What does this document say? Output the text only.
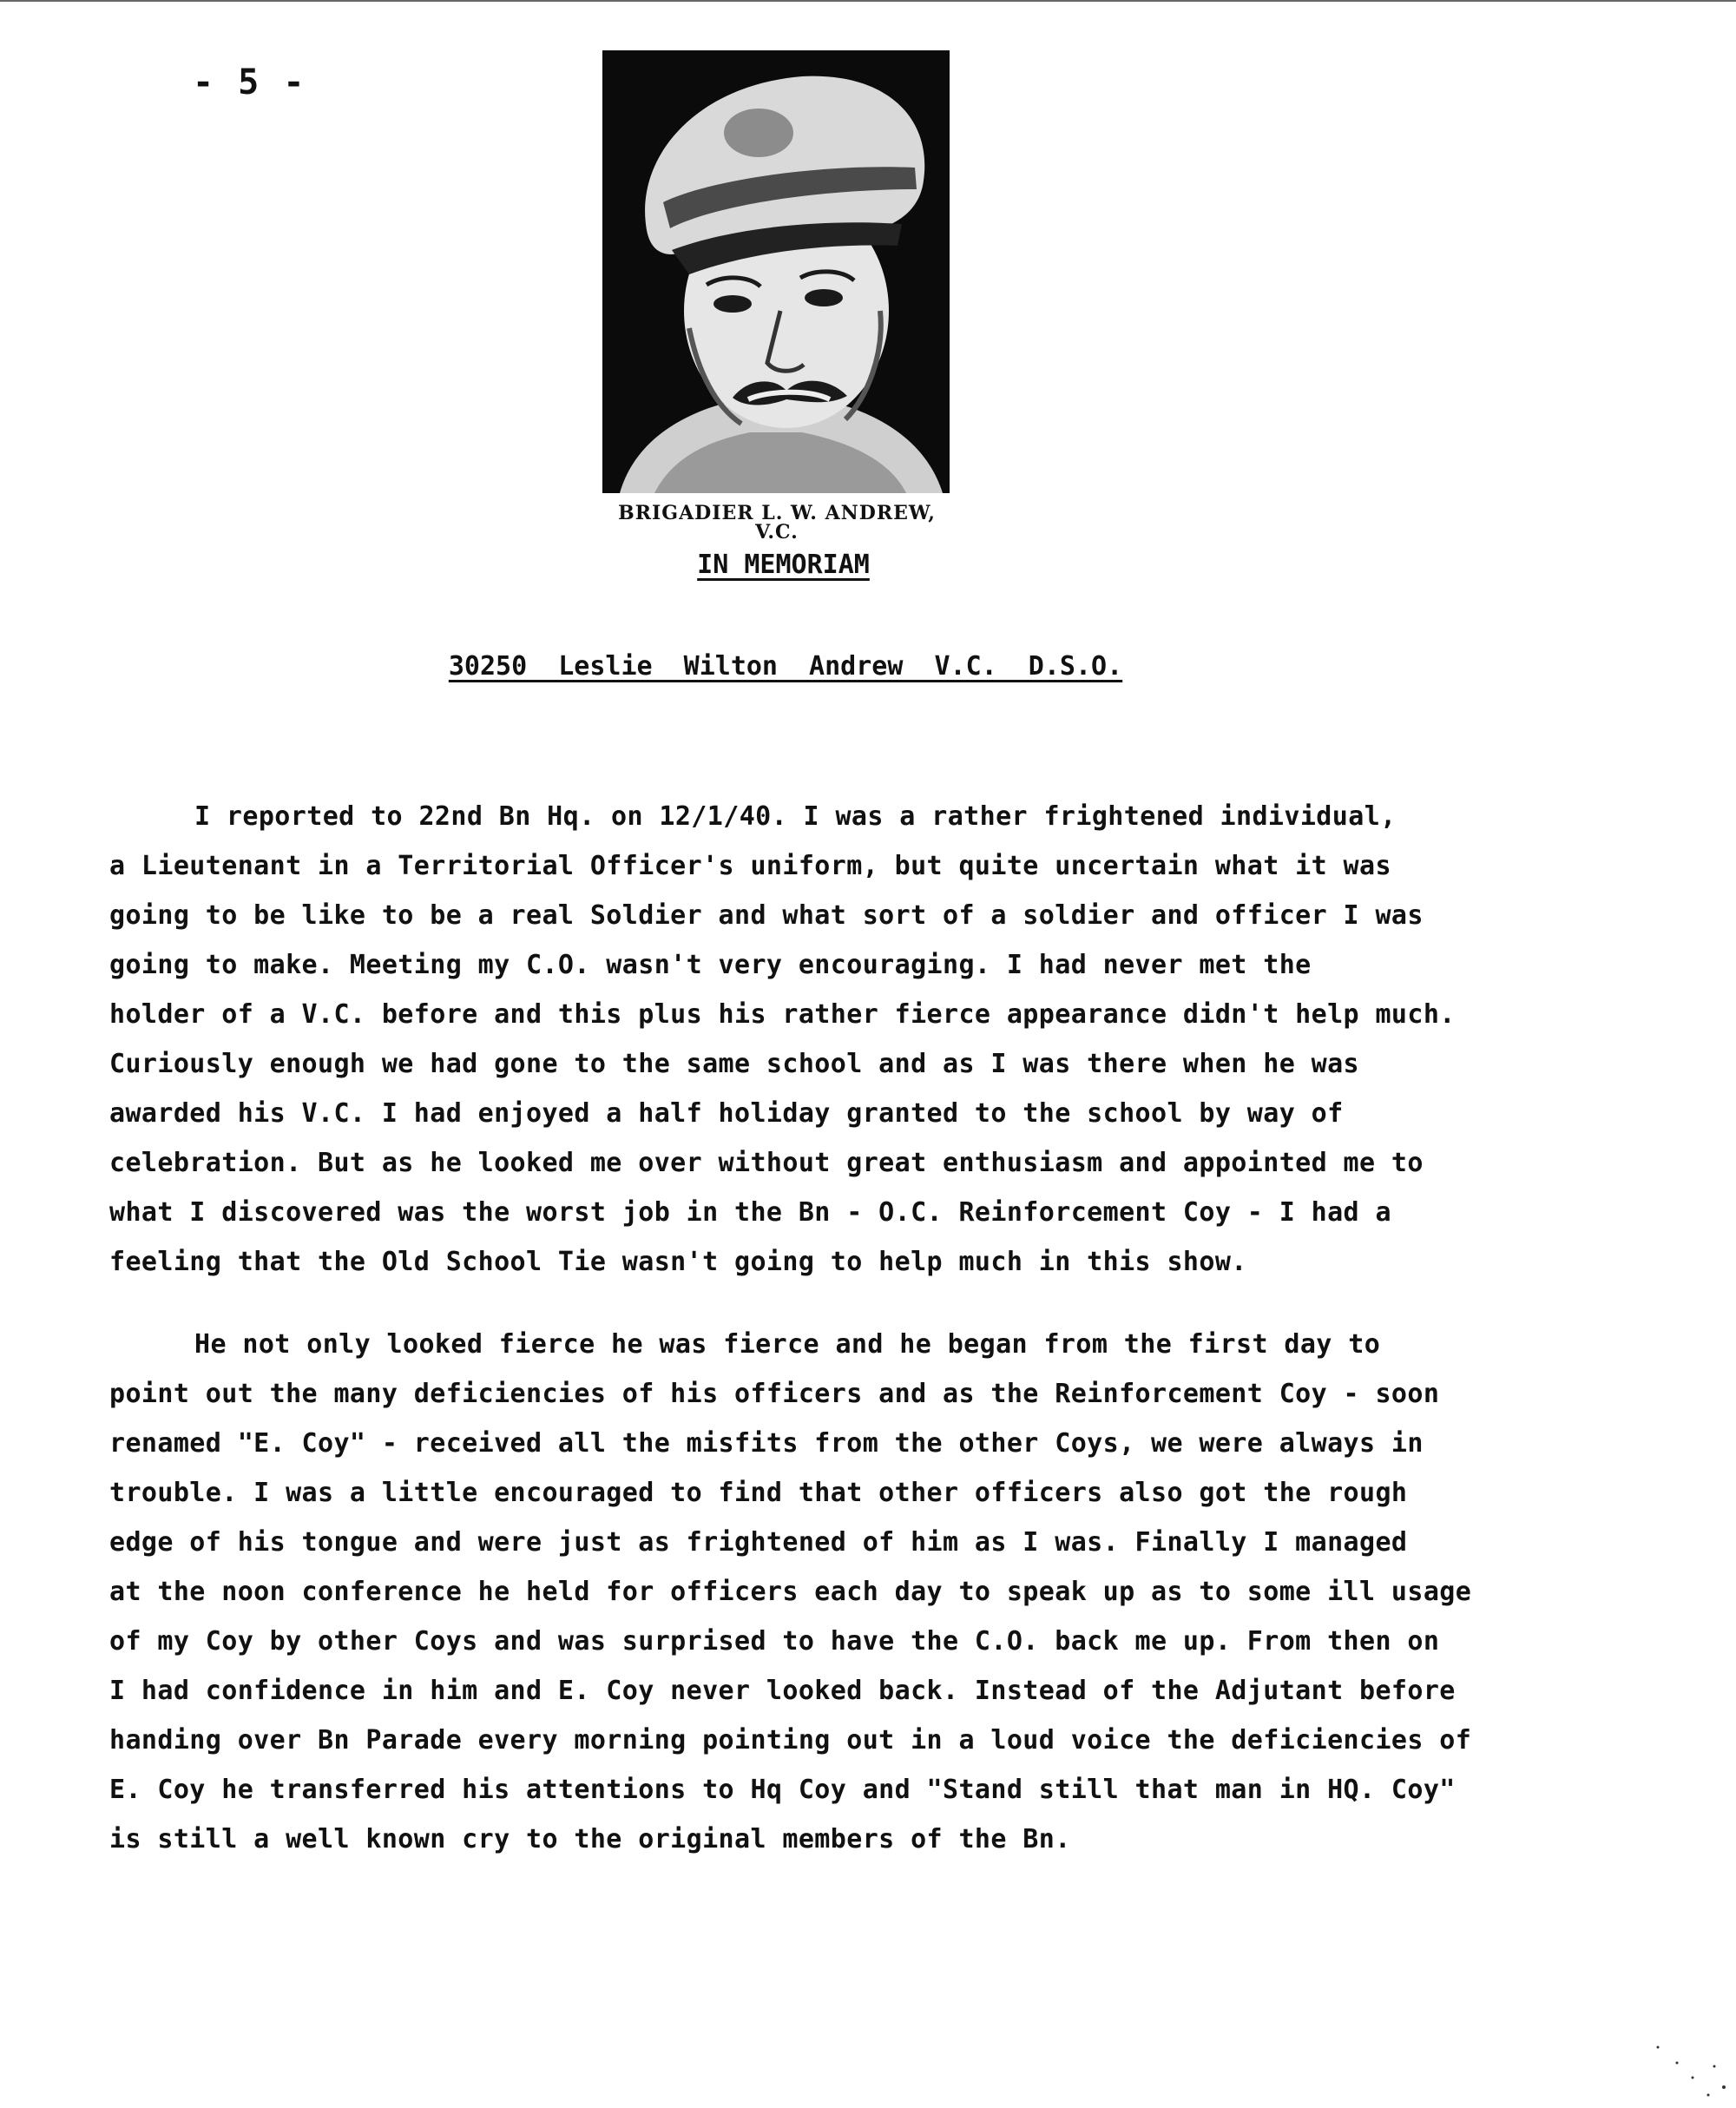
- 5 -
BRIGADIER L. W. ANDREW,
V.C.
IN MEMORIAM
30250 Leslie Wilton Andrew V.C. D.S.O.
I reported to 22nd Bn Hq. on 12/1/40. I was a rather frightened individual,
a Lieutenant in a Territorial Officer's uniform, but quite uncertain what it was
going to be like to be a real Soldier and what sort of a soldier and officer I was
going to make. Meeting my C.O. wasn't very encouraging. I had never met the
holder of a V.C. before and this plus his rather fierce appearance didn't help much.
Curiously enough we had gone to the same school and as I was there when he was
awarded his V.C. I had enjoyed a half holiday granted to the school by way of
celebration. But as he looked me over without great enthusiasm and appointed me to
what I discovered was the worst job in the Bn - O.C. Reinforcement Coy - I had a
feeling that the Old School Tie wasn't going to help much in this show.
He not only looked fierce he was fierce and he began from the first day to
point out the many deficiencies of his officers and as the Reinforcement Coy - soon
renamed "E. Coy" - received all the misfits from the other Coys, we were always in
trouble. I was a little encouraged to find that other officers also got the rough
edge of his tongue and were just as frightened of him as I was. Finally I managed
at the noon conference he held for officers each day to speak up as to some ill usage
of my Coy by other Coys and was surprised to have the C.O. back me up. From then on
I had confidence in him and E. Coy never looked back. Instead of the Adjutant before
handing over Bn Parade every morning pointing out in a loud voice the deficiencies of
E. Coy he transferred his attentions to Hq Coy and "Stand still that man in HQ. Coy"
is still a well known cry to the original members of the Bn.
